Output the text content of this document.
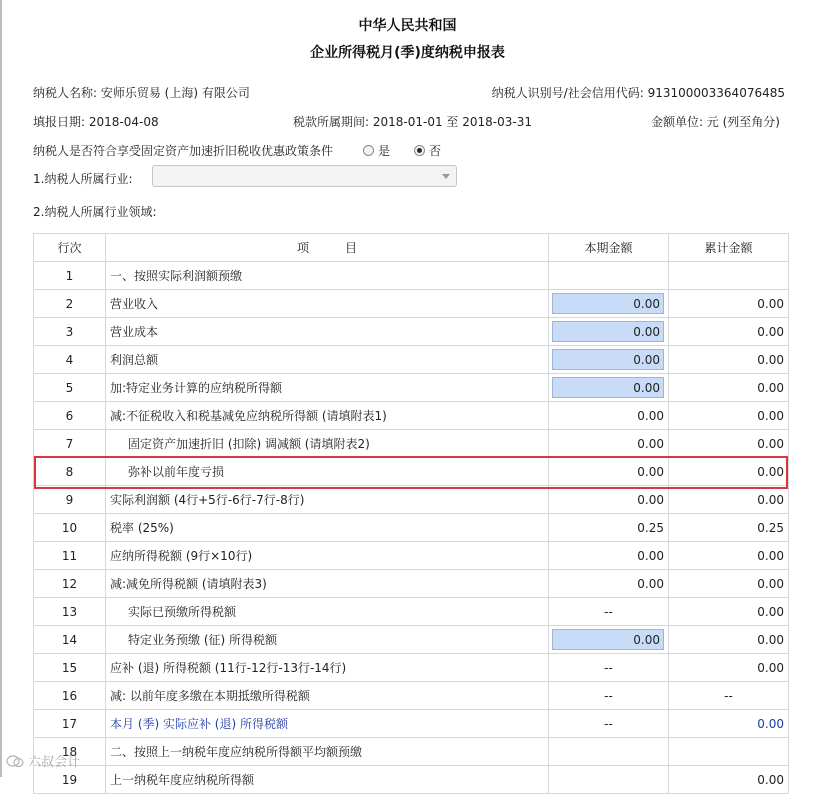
中华人民共和国
企业所得税月(季)度纳税申报表
纳税人名称: 安师乐贸易 (上海) 有限公司	纳税人识别号/社会信用代码: 913100003364076485
填报日期: 2018-04-08	税款所属期间: 2018-01-01 至 2018-03-31	金额单位: 元 (列至角分)
纳税人是否符合享受固定资产加速折旧税收优惠政策条件	是	否
1.纳税人所属行业:
2.纳税人所属行业领域:
行次	项　　　目	本期金额	累计金额
1	一、按照实际利润额预缴		
2	营业收入	0.00	0.00
3	营业成本	0.00	0.00
4	利润总额	0.00	0.00
5	加:特定业务计算的应纳税所得额	0.00	0.00
6	减:不征税收入和税基减免应纳税所得额 (请填附表1)	0.00	0.00
7	固定资产加速折旧 (扣除) 调减额 (请填附表2)	0.00	0.00
8	弥补以前年度亏损	0.00	0.00
9	实际利润额 (4行+5行-6行-7行-8行)	0.00	0.00
10	税率 (25%)	0.25	0.25
11	应纳所得税额 (9行×10行)	0.00	0.00
12	减:减免所得税额 (请填附表3)	0.00	0.00
13	实际已预缴所得税额	--	0.00
14	特定业务预缴 (征) 所得税额	0.00	0.00
15	应补 (退) 所得税额 (11行-12行-13行-14行)	--	0.00
16	减: 以前年度多缴在本期抵缴所得税额	--	--
17	本月 (季) 实际应补 (退) 所得税额	--	0.00
18	二、按照上一纳税年度应纳税所得额平均额预缴		
19	上一纳税年度应纳税所得额		0.00
六叔会计
